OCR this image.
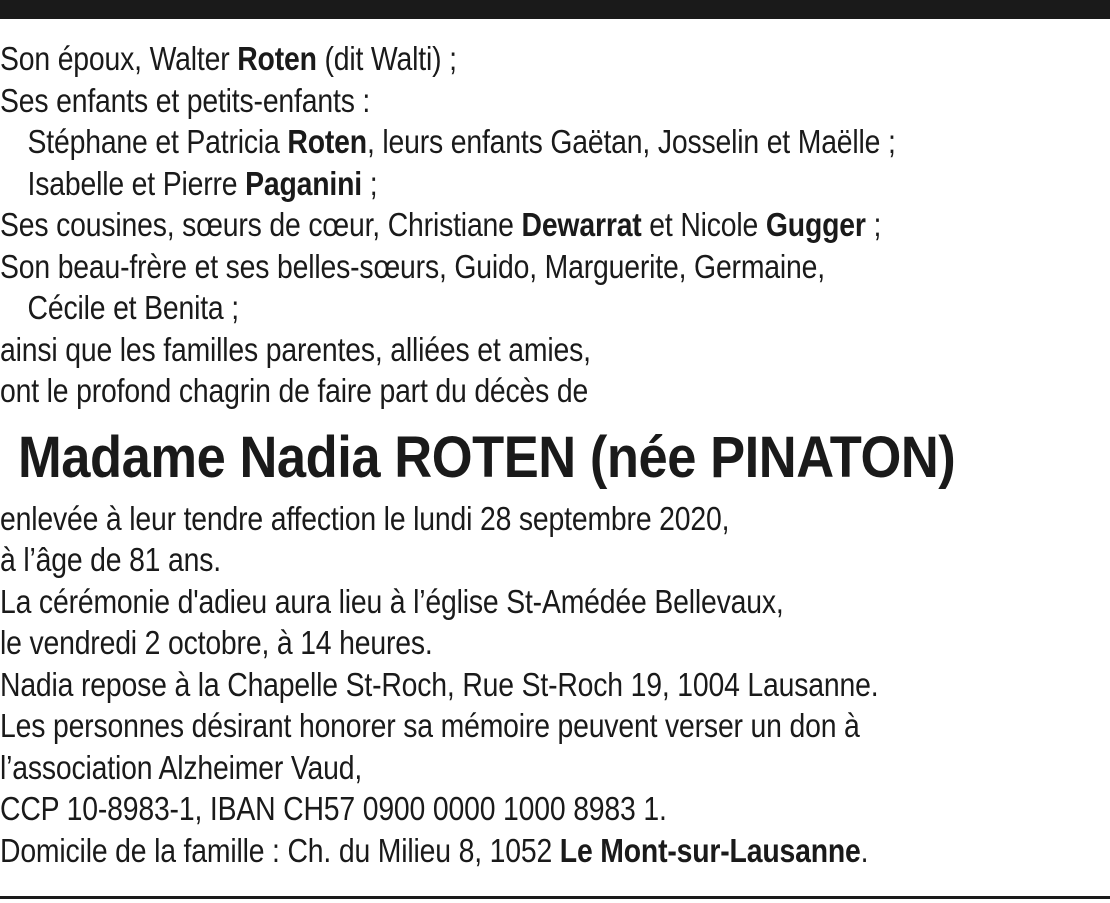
Son époux, Walter Roten (dit Walti) ;
Ses enfants et petits-enfants :
Stéphane et Patricia Roten, leurs enfants Gaëtan, Josselin et Maëlle ;
Isabelle et Pierre Paganini ;
Ses cousines, sœurs de cœur, Christiane Dewarrat et Nicole Gugger ;
Son beau-frère et ses belles-sœurs, Guido, Marguerite, Germaine,
Cécile et Benita ;
ainsi que les familles parentes, alliées et amies,
ont le profond chagrin de faire part du décès de
Madame Nadia ROTEN (née PINATON)
enlevée à leur tendre affection le lundi 28 septembre 2020,
à l’âge de 81 ans.
La cérémonie d'adieu aura lieu à l’église St-Amédée Bellevaux,
le vendredi 2 octobre, à 14 heures.
Nadia repose à la Chapelle St-Roch, Rue St-Roch 19, 1004 Lausanne.
Les personnes désirant honorer sa mémoire peuvent verser un don à
l’association Alzheimer Vaud,
CCP 10-8983-1, IBAN CH57 0900 0000 1000 8983 1.
Domicile de la famille : Ch. du Milieu 8, 1052 Le Mont-sur-Lausanne.
